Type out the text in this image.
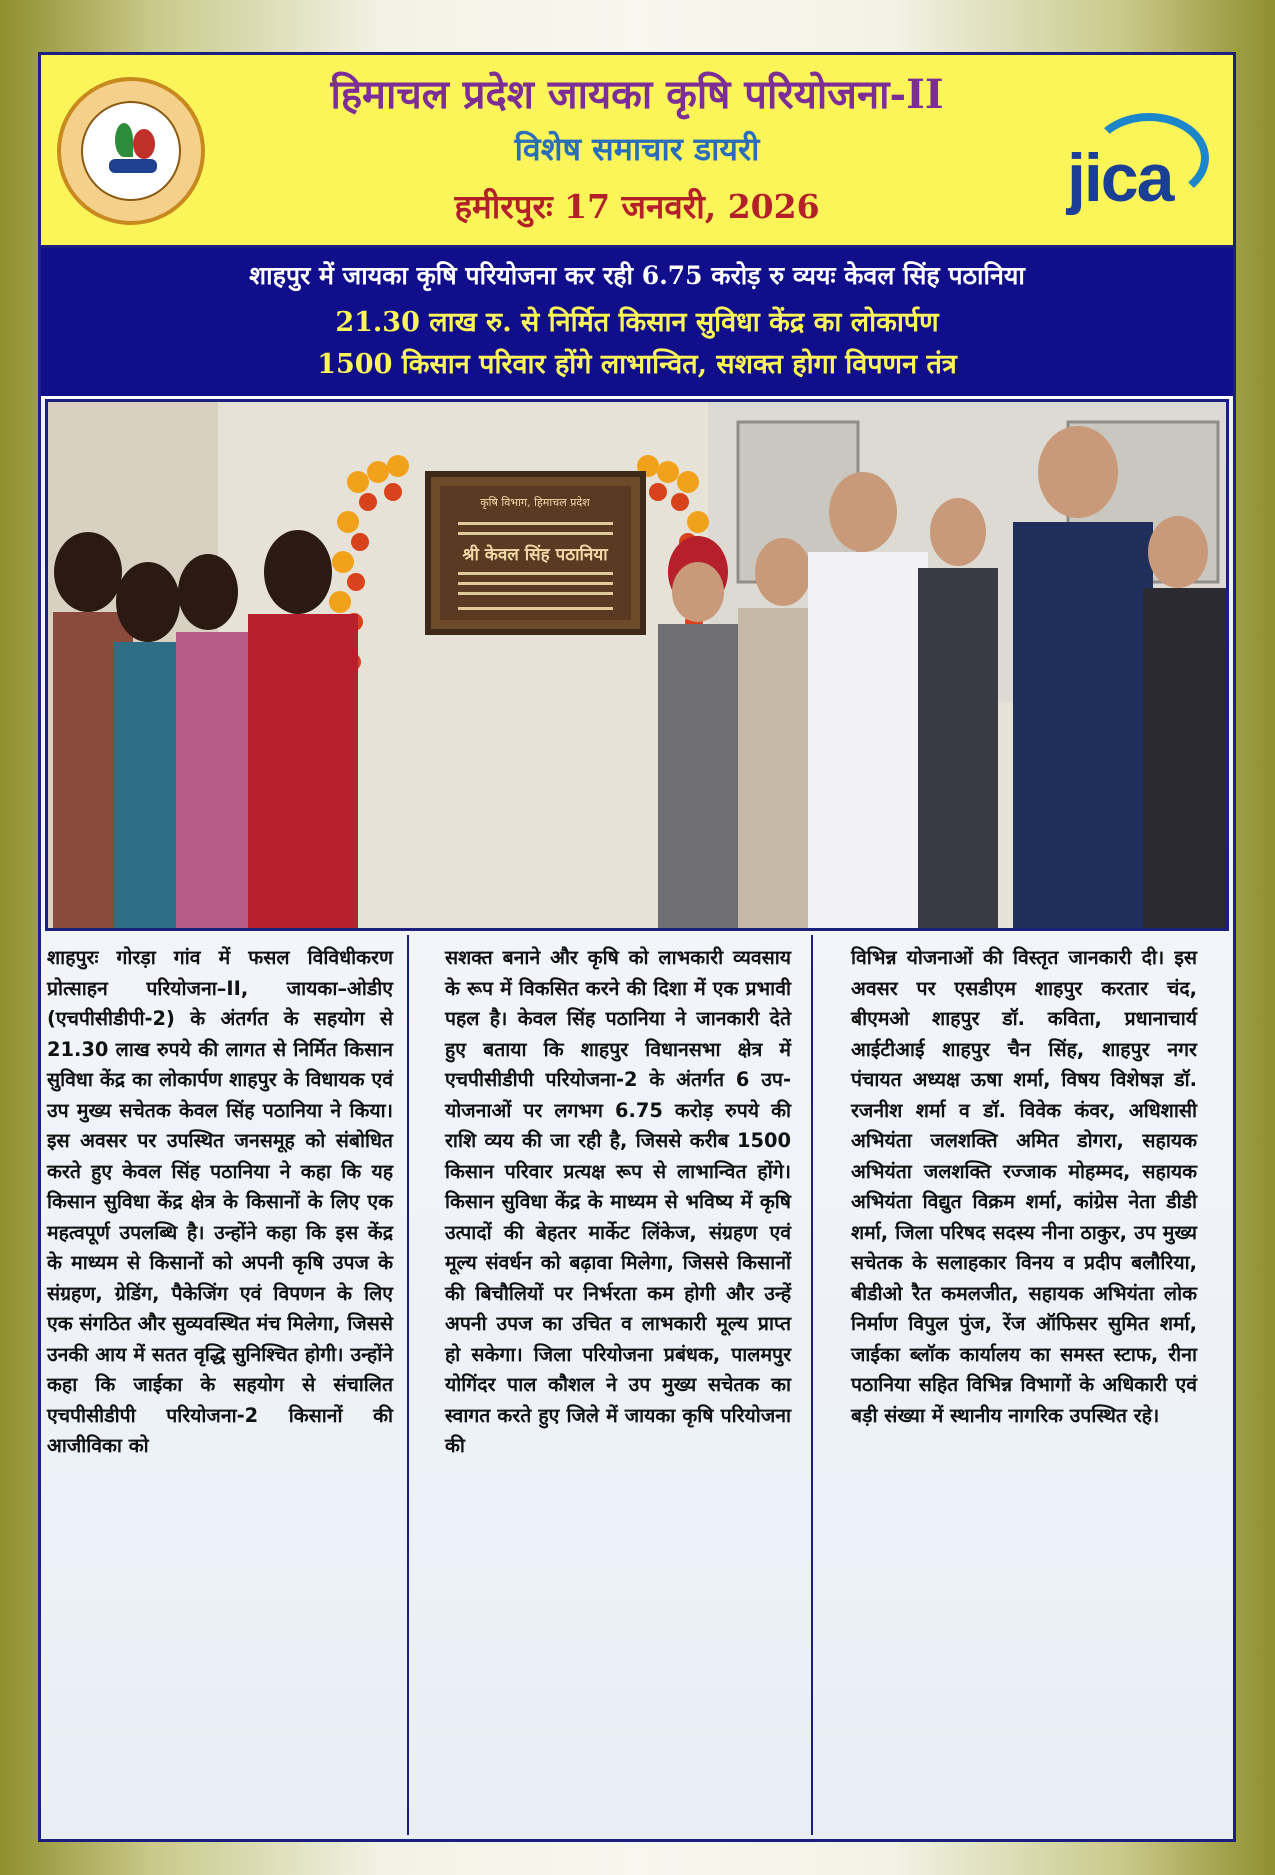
हिमाचल प्रदेश जायका कृषि परियोजना-II
विशेष समाचार डायरी
हमीरपुरः 17 जनवरी, 2026	jica
शाहपुर में जायका कृषि परियोजना कर रही 6.75 करोड़ रु व्ययः केवल सिंह पठानिया
21.30 लाख रु. से निर्मित किसान सुविधा केंद्र का लोकार्पण
1500 किसान परिवार होंगे लाभान्वित, सशक्त होगा विपणन तंत्र
कृषि विभाग, हिमाचल प्रदेश
श्री केवल सिंह पठानिया
शाहपुरः गोरड़ा गांव में फसल विविधीकरण प्रोत्साहन परियोजना–II, जायका–ओडीए (एचपीसीडीपी-2) के अंतर्गत के सहयोग से 21.30 लाख रुपये की लागत से निर्मित किसान सुविधा केंद्र का लोकार्पण शाहपुर के विधायक एवं उप मुख्य सचेतक केवल सिंह पठानिया ने किया। इस अवसर पर उपस्थित जनसमूह को संबोधित करते हुए केवल सिंह पठानिया ने कहा कि यह किसान सुविधा केंद्र क्षेत्र के किसानों के लिए एक महत्वपूर्ण उपलब्धि है। उन्होंने कहा कि इस केंद्र के माध्यम से किसानों को अपनी कृषि उपज के संग्रहण, ग्रेडिंग, पैकेजिंग एवं विपणन के लिए एक संगठित और सुव्यवस्थित मंच मिलेगा, जिससे उनकी आय में सतत वृद्धि सुनिश्चित होगी। उन्होंने कहा कि जाईका के सहयोग से संचालित एचपीसीडीपी परियोजना-2 किसानों की आजीविका को
सशक्त बनाने और कृषि को लाभकारी व्यवसाय के रूप में विकसित करने की दिशा में एक प्रभावी पहल है। केवल सिंह पठानिया ने जानकारी देते हुए बताया कि शाहपुर विधानसभा क्षेत्र में एचपीसीडीपी परियोजना-2 के अंतर्गत 6 उप-योजनाओं पर लगभग 6.75 करोड़ रुपये की राशि व्यय की जा रही है, जिससे करीब 1500 किसान परिवार प्रत्यक्ष रूप से लाभान्वित होंगे। किसान सुविधा केंद्र के माध्यम से भविष्य में कृषि उत्पादों की बेहतर मार्केट लिंकेज, संग्रहण एवं मूल्य संवर्धन को बढ़ावा मिलेगा, जिससे किसानों की बिचौलियों पर निर्भरता कम होगी और उन्हें अपनी उपज का उचित व लाभकारी मूल्य प्राप्त हो सकेगा। जिला परियोजना प्रबंधक, पालमपुर योगिंदर पाल कौशल ने उप मुख्य सचेतक का स्वागत करते हुए जिले में जायका कृषि परियोजना की
विभिन्न योजनाओं की विस्तृत जानकारी दी। इस अवसर पर एसडीएम शाहपुर करतार चंद, बीएमओ शाहपुर डॉ. कविता, प्रधानाचार्य आईटीआई शाहपुर चैन सिंह, शाहपुर नगर पंचायत अध्यक्ष ऊषा शर्मा, विषय विशेषज्ञ डॉ. रजनीश शर्मा व डॉ. विवेक कंवर, अधिशासी अभियंता जलशक्ति अमित डोगरा, सहायक अभियंता जलशक्ति रज्जाक मोहम्मद, सहायक अभियंता विद्युत विक्रम शर्मा, कांग्रेस नेता डीडी शर्मा, जिला परिषद सदस्य नीना ठाकुर, उप मुख्य सचेतक के सलाहकार विनय व प्रदीप बलौरिया, बीडीओ रैत कमलजीत, सहायक अभियंता लोक निर्माण विपुल पुंज, रेंज ऑफिसर सुमित शर्मा, जाईका ब्लॉक कार्यालय का समस्त स्टाफ, रीना पठानिया सहित विभिन्न विभागों के अधिकारी एवं बड़ी संख्या में स्थानीय नागरिक उपस्थित रहे।
